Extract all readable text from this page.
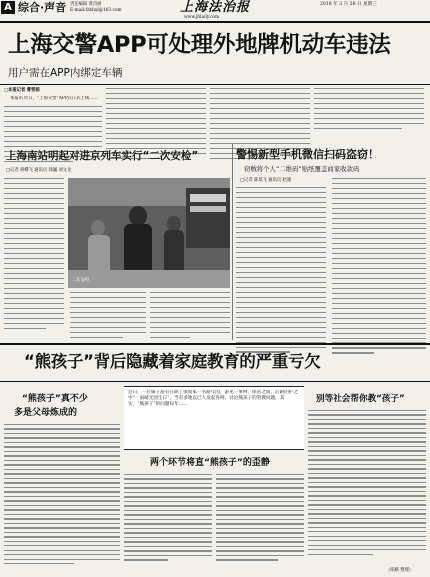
A 综合·声音 责任编辑 黄肖丽
E-mail:fzbhxl@163.com	上海法治报	2018 年 3 月 28 日 星期三
www.jfdaily.com
上海交警APP可处理外地牌机动车违法
用户需在APP内绑定车辆
□本报记者 曹雪娟
本报讯 昨日，“上海交警”APP在正式上线……
警惕新型手机微信扫码盗窃！
窃贼将个人“二维码”贴纸覆盖商家收款码
□记者 陈琰飞 通讯员 赵晓
上海南站明起对进京列车实行“二次安检”
□记者 胡蝶飞 通讯员 徐巍 刘文龙
二次安检
“熊孩子”背后隐藏着家庭教育的严重亏欠
“熊孩子”真不少
多是父母炼成的
近日，一位妹子游有在除了保成家一名路年园，游见一事例，保管之间，后跟的护之中“一面晴光园生日”，当有多地以已人发起各网、讨论熊孩子的管教问题，其实，“熊孩子”的问题每年……
两个环节将直“熊孩子”的歪静
别等社会帮你教“孩子”
（胡路 整理）
